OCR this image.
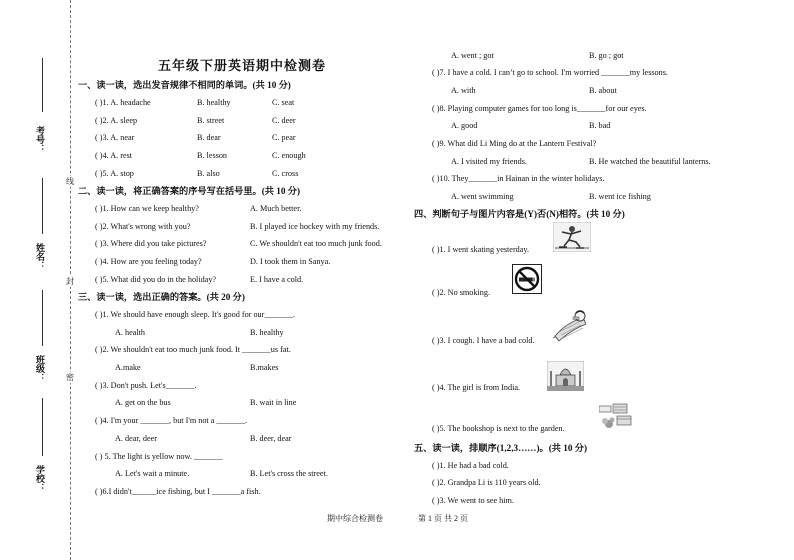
考号：
姓名：
班级：
学校：
线
封
密
五年级下册英语期中检测卷
一、读一读，选出发音规律不相同的单词。(共 10 分)
( )1. A. headache	B. healthy	C. seat
( )2. A. sleep	B. street	C. deer
( )3. A. near	B. dear	C. pear
( )4. A. rest	B. lesson	C. enough
( )5. A. stop	B. also	C. cross
二、读一读，将正确答案的序号写在括号里。(共 10 分)
( )1. How can we keep healthy?	A. Much better.
( )2. What's wrong with you?	B. I played ice hockey with my friends.
( )3. Where did you take pictures?	C. We shouldn't eat too much junk food.
( )4. How are you feeling today?	D. I took them in Sanya.
( )5. What did you do in the holiday?	E. I have a cold.
三、读一读，选出正确的答案。(共 20 分)
( )1. We should have enough sleep. It's good for our_______.
A. health	B. healthy
( )2. We shouldn't eat too much junk food. It _______us fat.
A.make	B.makes
( )3. Don't push. Let's_______.
A. get on the bus	B. wait in line
( )4. I'm your _______, but I'm not a _______.
A. dear, deer	B. deer, dear
( ) 5. The light is yellow now. _______
A. Let's wait a minute.	B. Let's cross the street.
( )6.I didn't______ice fishing, but I _______a fish.
A. went ; got	B. go ; got
( )7. I have a cold. I can’t go to school. I'm worried _______my lessons.
A. with	B. about
( )8. Playing computer games for too long is_______for our eyes.
A. good	B. bad
( )9. What did Li Ming do at the Lantern Festival?
A. I visited my friends.	B. He watched the beautiful lanterns.
( )10. They_______in Hainan in the winter holidays.
A. went swimming	B. went ice fishing
四、判断句子与图片内容是(Y)否(N)相符。(共 10 分)
( )1. I went skating yesterday.
( )2. No smoking.
( )3. I cough. I have a bad cold.
( )4. The girl is from India.
( )5. The bookshop is next to the garden.
五、读一读，排顺序(1,2,3……)。(共 10 分)
( )1. He had a bad cold.
( )2. Grandpa Li is 110 years old.
( )3. We went to see him.
期中综合检测卷	第 1 页 共 2 页
